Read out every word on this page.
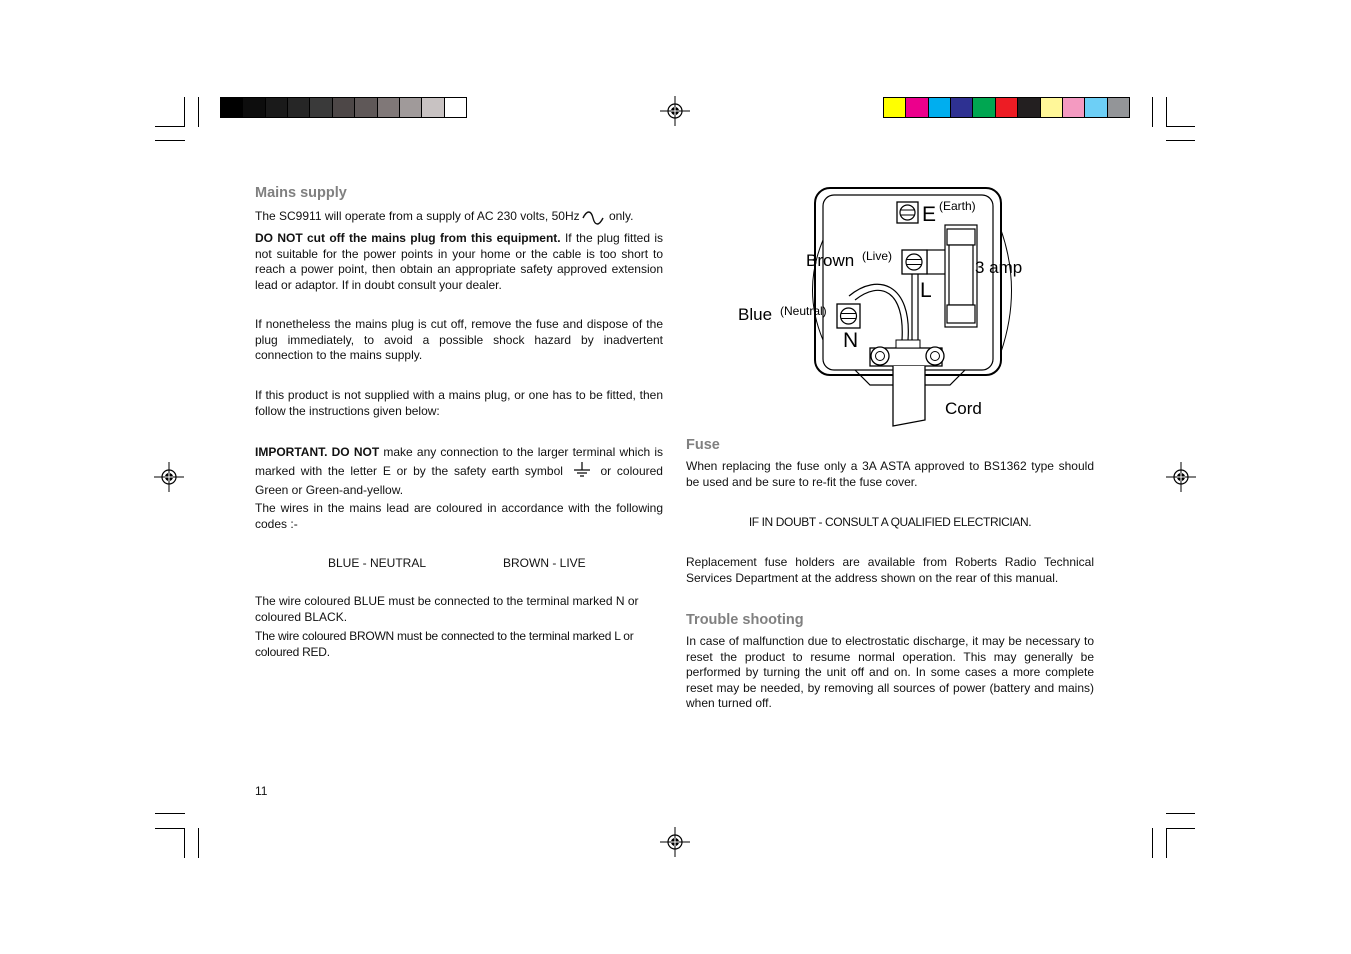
Mains supply

The SC9911 will operate from a supply of AC 230 volts, 50Hz only.

DO NOT cut off the mains plug from this equipment. If the plug fitted is not suitable for the power points in your home or the cable is too short to reach a power point, then obtain an appropriate safety approved extension lead or adaptor. If in doubt consult your dealer.

If nonetheless the mains plug is cut off, remove the fuse and dispose of the plug immediately, to avoid a possible shock hazard by inadvertent connection to the mains supply.

If this product is not supplied with a mains plug, or one has to be fitted, then follow the instructions given below:

IMPORTANT. DO NOT make any connection to the larger terminal which is marked with the letter E or by the safety earth symbol	or coloured Green or Green-and-yellow.

The wires in the mains lead are coloured in accordance with the following codes :-

BLUE - NEUTRAL	BROWN - LIVE

The wire coloured BLUE must be connected to the terminal marked N or coloured BLACK.

The wire coloured BROWN must be connected to the terminal marked L or coloured RED.

11
E (Earth)
Brown (Live)
3 amp
L
Blue (Neutral)
N
Cord
Fuse

When replacing the fuse only a 3A ASTA approved to BS1362 type should be used and be sure to re-fit the fuse cover.

IF IN DOUBT - CONSULT A QUALIFIED ELECTRICIAN.

Replacement fuse holders are available from Roberts Radio Technical Services Department at the address shown on the rear of this manual.

Trouble shooting

In case of malfunction due to electrostatic discharge, it may be necessary to reset the product to resume normal operation. This may generally be performed by turning the unit off and on. In some cases a more complete reset may be needed, by removing all sources of power (battery and mains) when turned off.
